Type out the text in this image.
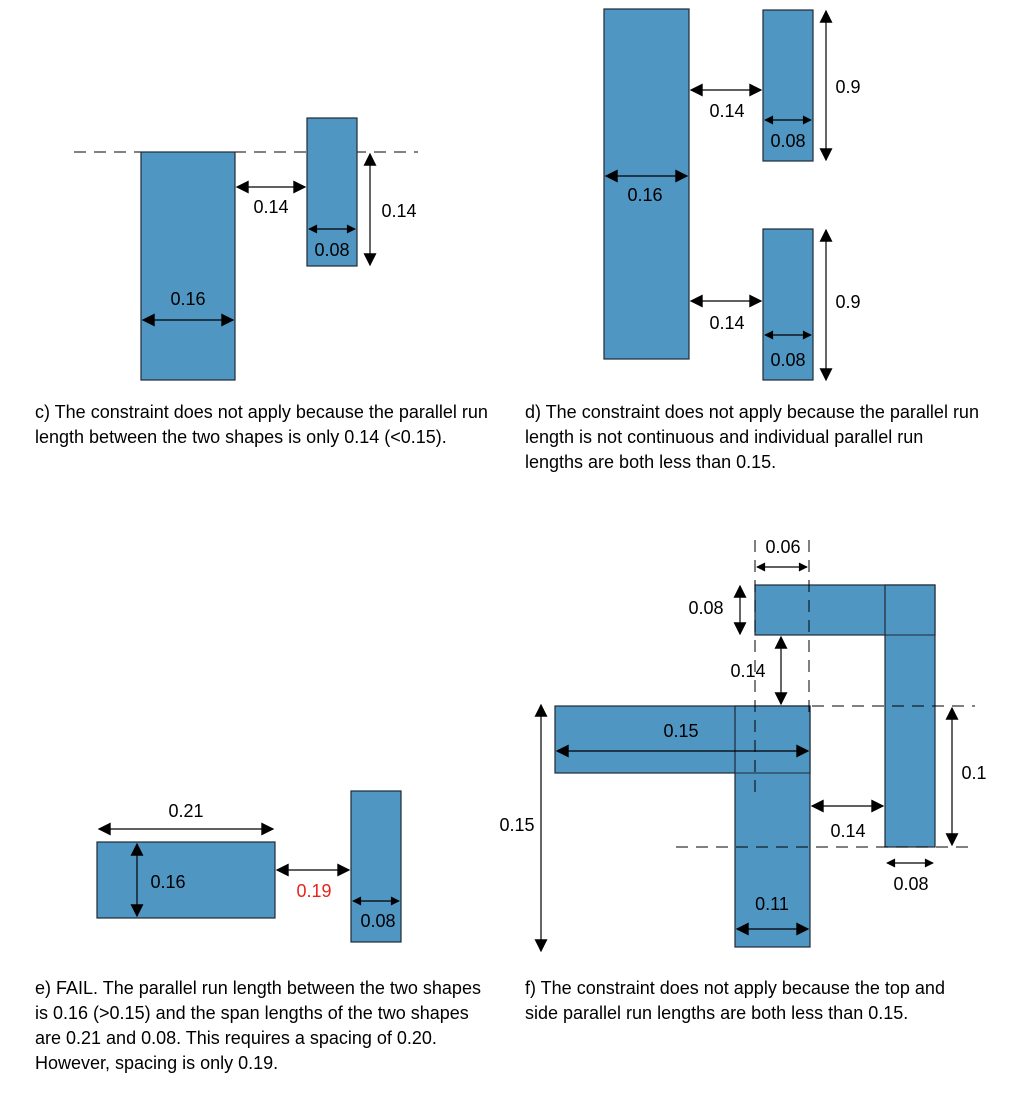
0.14	0.14
0.08
0.16
0.14
0.08
0.9
0.16
0.14
0.08
0.9
0.21
0.16	0.19
0.08
0.06
0.08
0.14
0.15
0.1
0.15	0.14
0.08
0.11

c) The constraint does not apply because the parallel run length between the two shapes is only 0.14 (<0.15).

d) The constraint does not apply because the parallel run length is not continuous and individual parallel run lengths are both less than 0.15.

e) FAIL. The parallel run length between the two shapes is 0.16 (>0.15) and the span lengths of the two shapes are 0.21 and 0.08. This requires a spacing of 0.20. However, spacing is only 0.19.

f) The constraint does not apply because the top and side parallel run lengths are both less than 0.15.
